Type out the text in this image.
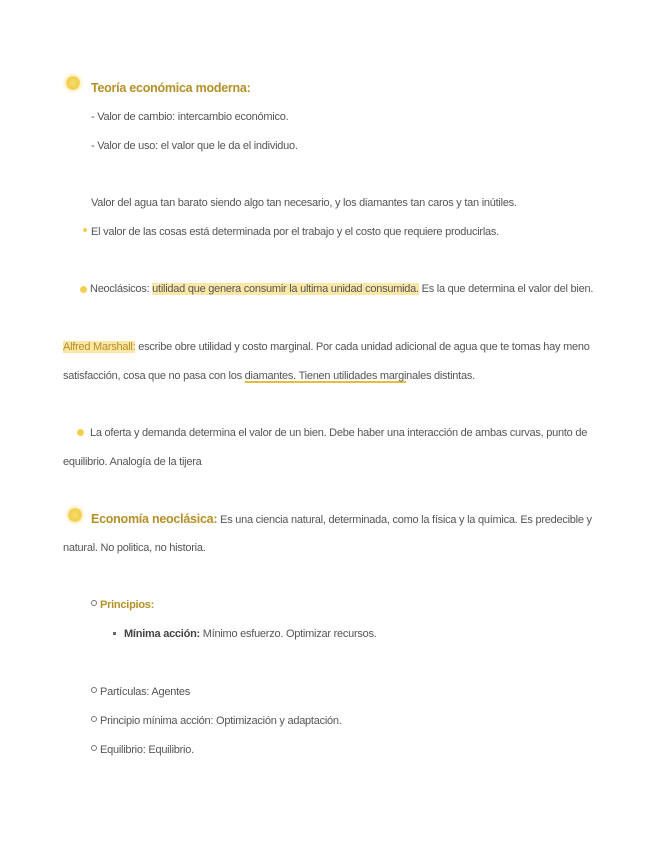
Teoría económica moderna:
- Valor de cambio: intercambio económico.
- Valor de uso: el valor que le da el individuo.
Valor del agua tan barato siendo algo tan necesario, y los diamantes tan caros y tan inútiles.
El valor de las cosas está determinada por el trabajo y el costo que requiere producirlas.
Neoclásicos: utilidad que genera consumir la ultima unidad consumida. Es la que determina el valor del bien.
Alfred Marshall: escribe obre utilidad y costo marginal. Por cada unidad adicional de agua que te tomas hay meno
satisfacción, cosa que no pasa con los diamantes. Tienen utilidades marginales distintas.
La oferta y demanda determina el valor de un bien. Debe haber una interacción de ambas curvas, punto de
equilibrio. Analogía de la tijera
Economía neoclásica: Es una ciencia natural, determinada, como la física y la química. Es predecible y
natural. No politica, no historia.
Principios:
Mínima acción: Mínimo esfuerzo. Optimizar recursos.
Partículas: Agentes
Principio mínima acción: Optimización y adaptación.
Equilibrio: Equilibrio.
